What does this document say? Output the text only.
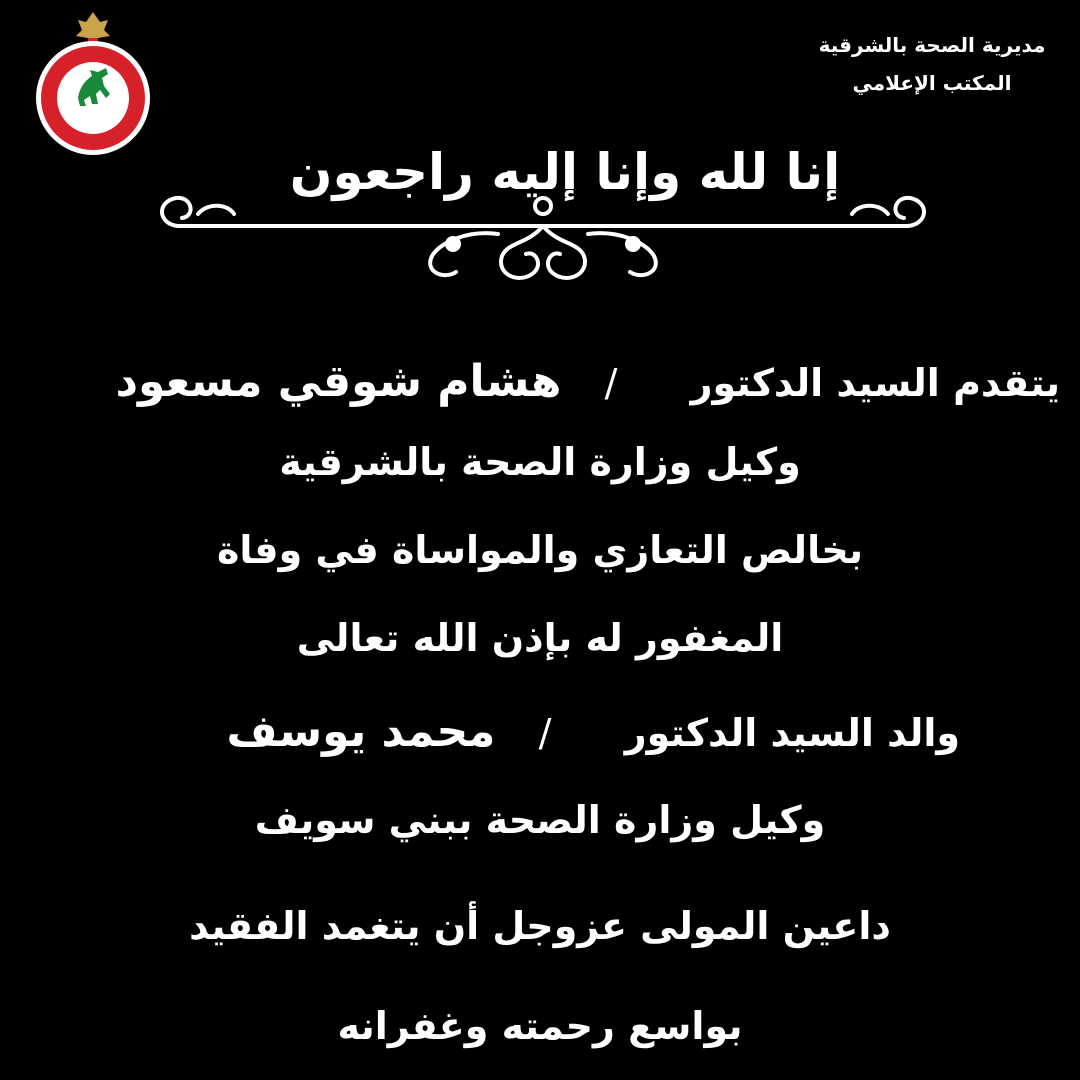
مديرية الصحة بالشرقية
المكتب الإعلامي
إنا لله وإنا إليه راجعون
يتقدم السيد الدكتور / هشام شوقي مسعود
وكيل وزارة الصحة بالشرقية
بخالص التعازي والمواساة في وفاة
المغفور له بإذن الله تعالى
والد السيد الدكتور / محمد يوسف
وكيل وزارة الصحة ببني سويف
داعين المولى عزوجل أن يتغمد الفقيد
بواسع رحمته وغفرانه
